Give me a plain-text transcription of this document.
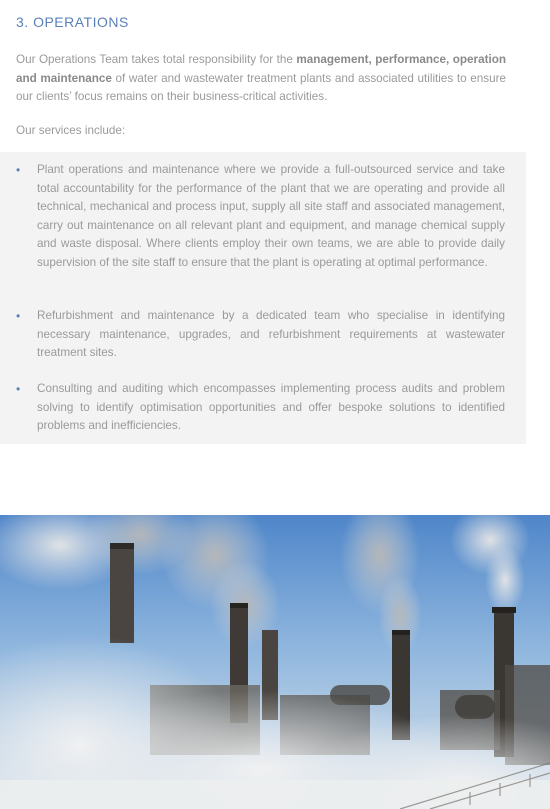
3. OPERATIONS

Our Operations Team takes total responsibility for the management, performance, operation and maintenance of water and wastewater treatment plants and associated utilities to ensure our clients’ focus remains on their business-critical activities.

Our services include:

• Plant operations and maintenance where we provide a full-outsourced service and take total accountability for the performance of the plant that we are operating and provide all technical, mechanical and process input, supply all site staff and associated management, carry out maintenance on all relevant plant and equipment, and manage chemical supply and waste disposal. Where clients employ their own teams, we are able to provide daily supervision of the site staff to ensure that the plant is operating at optimal performance.
• Refurbishment and maintenance by a dedicated team who specialise in identifying necessary maintenance, upgrades, and refurbishment requirements at wastewater treatment sites.
• Consulting and auditing which encompasses implementing process audits and problem solving to identify optimisation opportunities and offer bespoke solutions to identified problems and inefficiencies.
